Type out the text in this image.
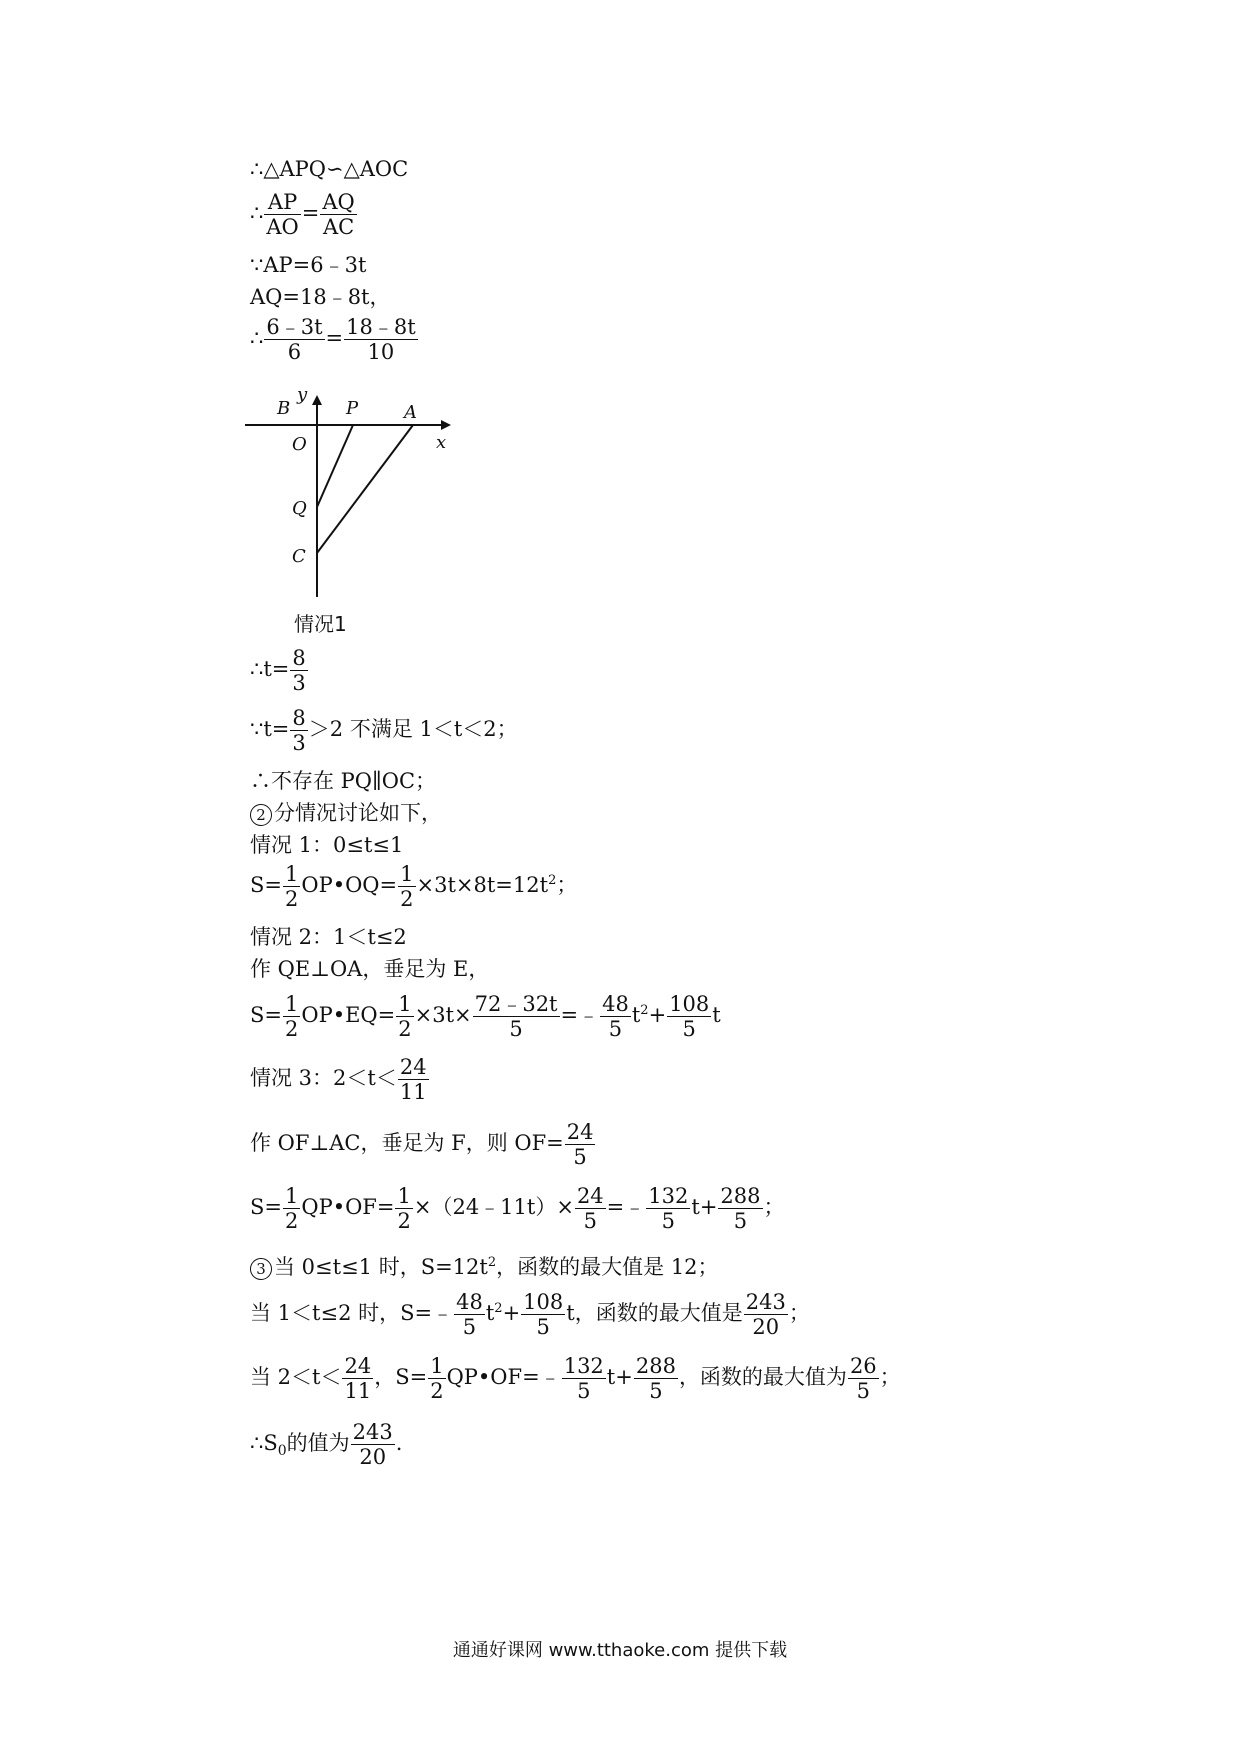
∴△APQ∽△AOC
∴ $\frac{AP}{AO} = \frac{AQ}{AC}$
∵AP=6﹣3t
AQ=18﹣8t，
∴ $\frac{6﹣3t}{6} = \frac{18﹣8t}{10}$
y
x
B	P	A
O
Q
C
情况1
∴t= $\frac{8}{3}$
∵t= $\frac{8}{3} >2$ 不满足 1＜t＜2；
∴不存在 PQ∥OC；
2 分情况讨论如下，
情况 1：0≤t≤1
$S= \frac{1}{2}$ OP•OQ= $\frac{1}{2} \times 3t\times 8t=12t^2$；
情况 2：1＜t≤2
作 QE⊥OA，垂足为 E，
$S= \frac{1}{2}$ OP•EQ= $\frac{1}{2} \times 3t\times \frac{72﹣32t}{5}$ =﹣ $\frac{48}{5} t^2+ \frac{108}{5}$ t
情况 3：$2<t< \frac{24}{11}$
作 OF⊥AC，垂足为 F，则 $OF= \frac{24}{5}$
$S= \frac{1}{2}$ QP•OF= $\frac{1}{2}$ ×（24﹣11t）× $\frac{24}{5}$ =﹣ $\frac{132}{5} t+ \frac{288}{5}$ ；
3 当 0≤t≤1 时，$S=12t^2$，函数的最大值是 12；
当 1＜t≤2 时，S=﹣ $\frac{48}{5} t^2+ \frac{108}{5}$ t，函数的最大值是 $\frac{243}{20}$ ；
当 $2<t< \frac{24}{11}$ ，$S= \frac{1}{2}$ QP•OF=﹣ $\frac{132}{5} t+ \frac{288}{5}$ ，函数的最大值为 $\frac{26}{5}$ ；
$\therefore S_0$的值为 $\frac{243}{20}$ .
通通好课网 www.tthaoke.com 提供下载
